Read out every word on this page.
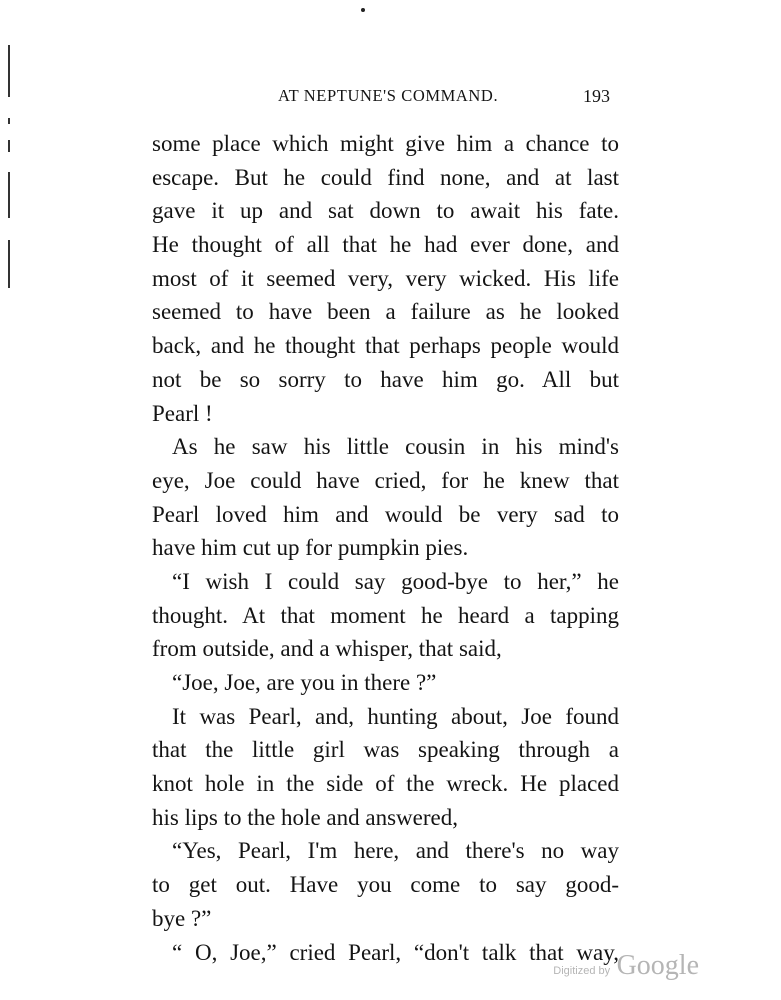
AT NEPTUNE'S COMMAND.	193
some place which might give him a chance to
escape. But he could find none, and at last
gave it up and sat down to await his fate.
He thought of all that he had ever done, and
most of it seemed very, very wicked. His life
seemed to have been a failure as he looked
back, and he thought that perhaps people would
not be so sorry to have him go. All but
Pearl !
As he saw his little cousin in his mind's
eye, Joe could have cried, for he knew that
Pearl loved him and would be very sad to
have him cut up for pumpkin pies.
“I wish I could say good-bye to her,” he
thought. At that moment he heard a tapping
from outside, and a whisper, that said,
“Joe, Joe, are you in there ?”
It was Pearl, and, hunting about, Joe found
that the little girl was speaking through a
knot hole in the side of the wreck. He placed
his lips to the hole and answered,
“Yes, Pearl, I'm here, and there's no way
to get out. Have you come to say good-
bye ?”
“ O, Joe,” cried Pearl, “don't talk that way,
Digitized by Google
